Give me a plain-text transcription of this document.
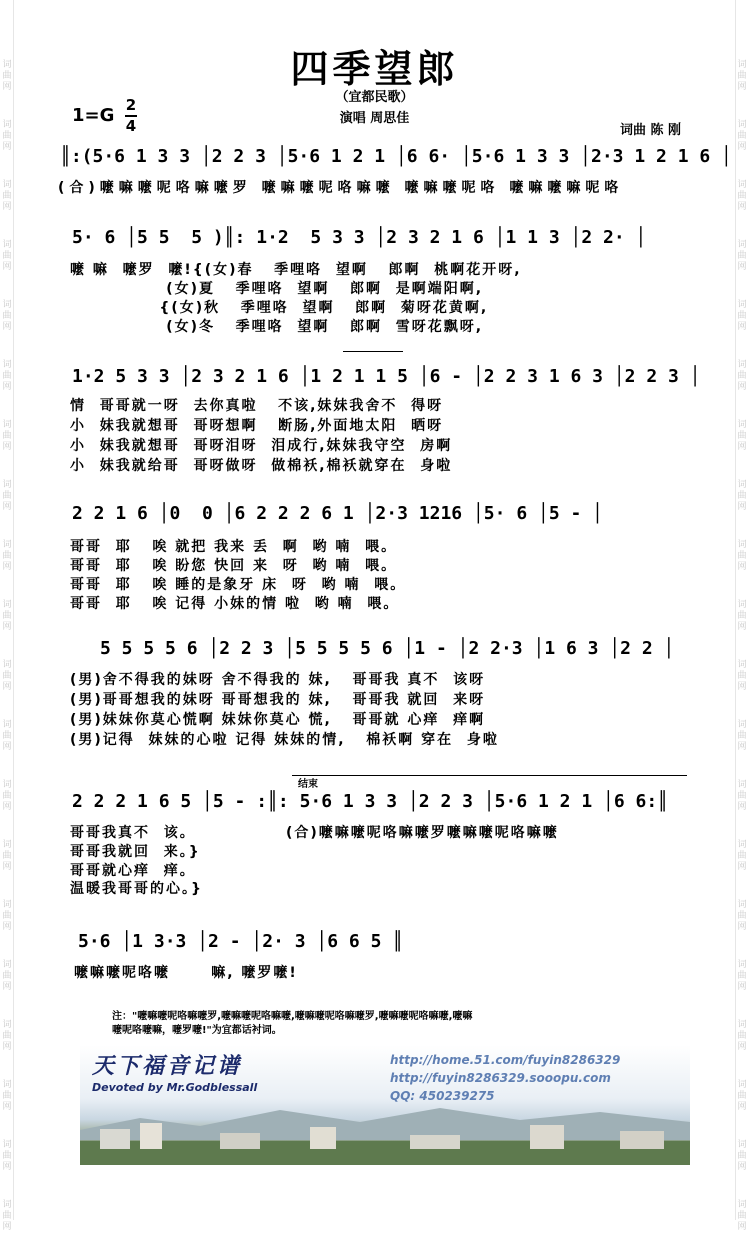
词
曲
网
词
曲
网
词
曲
网
词
曲
网
词
曲
网
词
曲
网
词
曲
网
词
曲
网
词
曲
网
词
曲
网
词
曲
网
词
曲
网
词
曲
网
词
曲
网
词
曲
网
词
曲
网
词
曲
网
词
曲
网
词
曲
网
词
曲
网
词
曲
网
词
曲
网
词
曲
网
词
曲
网
词
曲
网
词
曲
网
词
曲
网
词
曲
网
词
曲
网
词
曲
网
词
曲
网
词
曲
网
词
曲
网
词
曲
网
词
曲
网
词
曲
网
词
曲
网
词
曲
网
词
曲
网
词
曲
网
四季望郎
（宜都民歌）
演唱 周思佳
1=G 2
4	词曲 陈 刚
║:(5·6 1 3 3 │2 2 3 │5·6 1 2 1 │6 6· │5·6 1 3 3 │2·3 1 2 1 6 │
(合)嚒嘛嚒呢咯嘛嚒罗 嚒嘛嚒呢咯嘛嚒 嚒嘛嚒呢咯 嚒嘛嚒嘛呢咯
5· 6 │5 5  5 )║: 1·2  5 3 3 │2 3 2 1 6 │1 1 3 │2 2· │
嚒 嘛  嚒罗  嚒!{(女)春   季哩咯  望啊   郎啊  桃啊花开呀,
(女)夏   季哩咯  望啊   郎啊  是啊端阳啊,
{(女)秋   季哩咯  望啊   郎啊  菊呀花黄啊,
(女)冬   季哩咯  望啊   郎啊  雪呀花飘呀,
1·2 5 3 3 │2 3 2 1 6 │1 2 1 1 5 │6 - │2 2 3 1 6 3 │2 2 3 │
情  哥哥就一呀  去你真啦   不该,妹妹我舍不  得呀
小  妹我就想哥  哥呀想啊   断肠,外面地太阳  晒呀
小  妹我就想哥  哥呀泪呀  泪成行,妹妹我守空  房啊
小  妹我就给哥  哥呀做呀  做棉袄,棉袄就穿在  身啦
2 2 1 6 │0  0 │6 2 2 2 6 1 │2·3 1216 │5· 6 │5 - │
哥哥  耶   唉 就把 我来 丢  啊  哟 喃  喂。
哥哥  耶   唉 盼您 快回 来  呀  哟 喃  喂。
哥哥  耶   唉 睡的是象牙 床  呀  哟 喃  喂。
哥哥  耶   唉 记得 小妹的情 啦  哟 喃  喂。
5 5 5 5 6 │2 2 3 │5 5 5 5 6 │1 - │2 2·3 │1 6 3 │2 2 │
(男)舍不得我的妹呀 舍不得我的 妹,   哥哥我 真不  该呀
(男)哥哥想我的妹呀 哥哥想我的 妹,   哥哥我 就回  来呀
(男)妹妹你莫心慌啊 妹妹你莫心 慌,   哥哥就 心痒  痒啊
(男)记得  妹妹的心啦 记得 妹妹的情,   棉袄啊 穿在  身啦
结束
2 2 2 1 6 5 │5 - :║: 5·6 1 3 3 │2 2 3 │5·6 1 2 1 │6 6:║
哥哥我真不  该。
哥哥我就回  来。}
哥哥就心痒  痒。
温暖我哥哥的心。}
(合)嚒嘛嚒呢咯嘛嚒罗嚒嘛嚒呢咯嘛嚒
5·6 │1 3·3 │2 - │2· 3 │6 6 5 ║
嚒嘛嚒呢咯嚒      嘛, 嚒罗嚒!
注："嚒嘛嚒呢咯嘛嚒罗,嚒嘛嚒呢咯嘛嚒,嚒嘛嚒呢咯嘛嚒罗,嚒嘛嚒呢咯嘛嚒,嚒嘛嚒呢咯嚒嘛，嚒罗嚒!"为宜都话衬词。
天下福音记谱
Devoted by Mr.Godblessall
http://home.51.com/fuyin8286329
http://fuyin8286329.sooopu.com
QQ: 450239275
